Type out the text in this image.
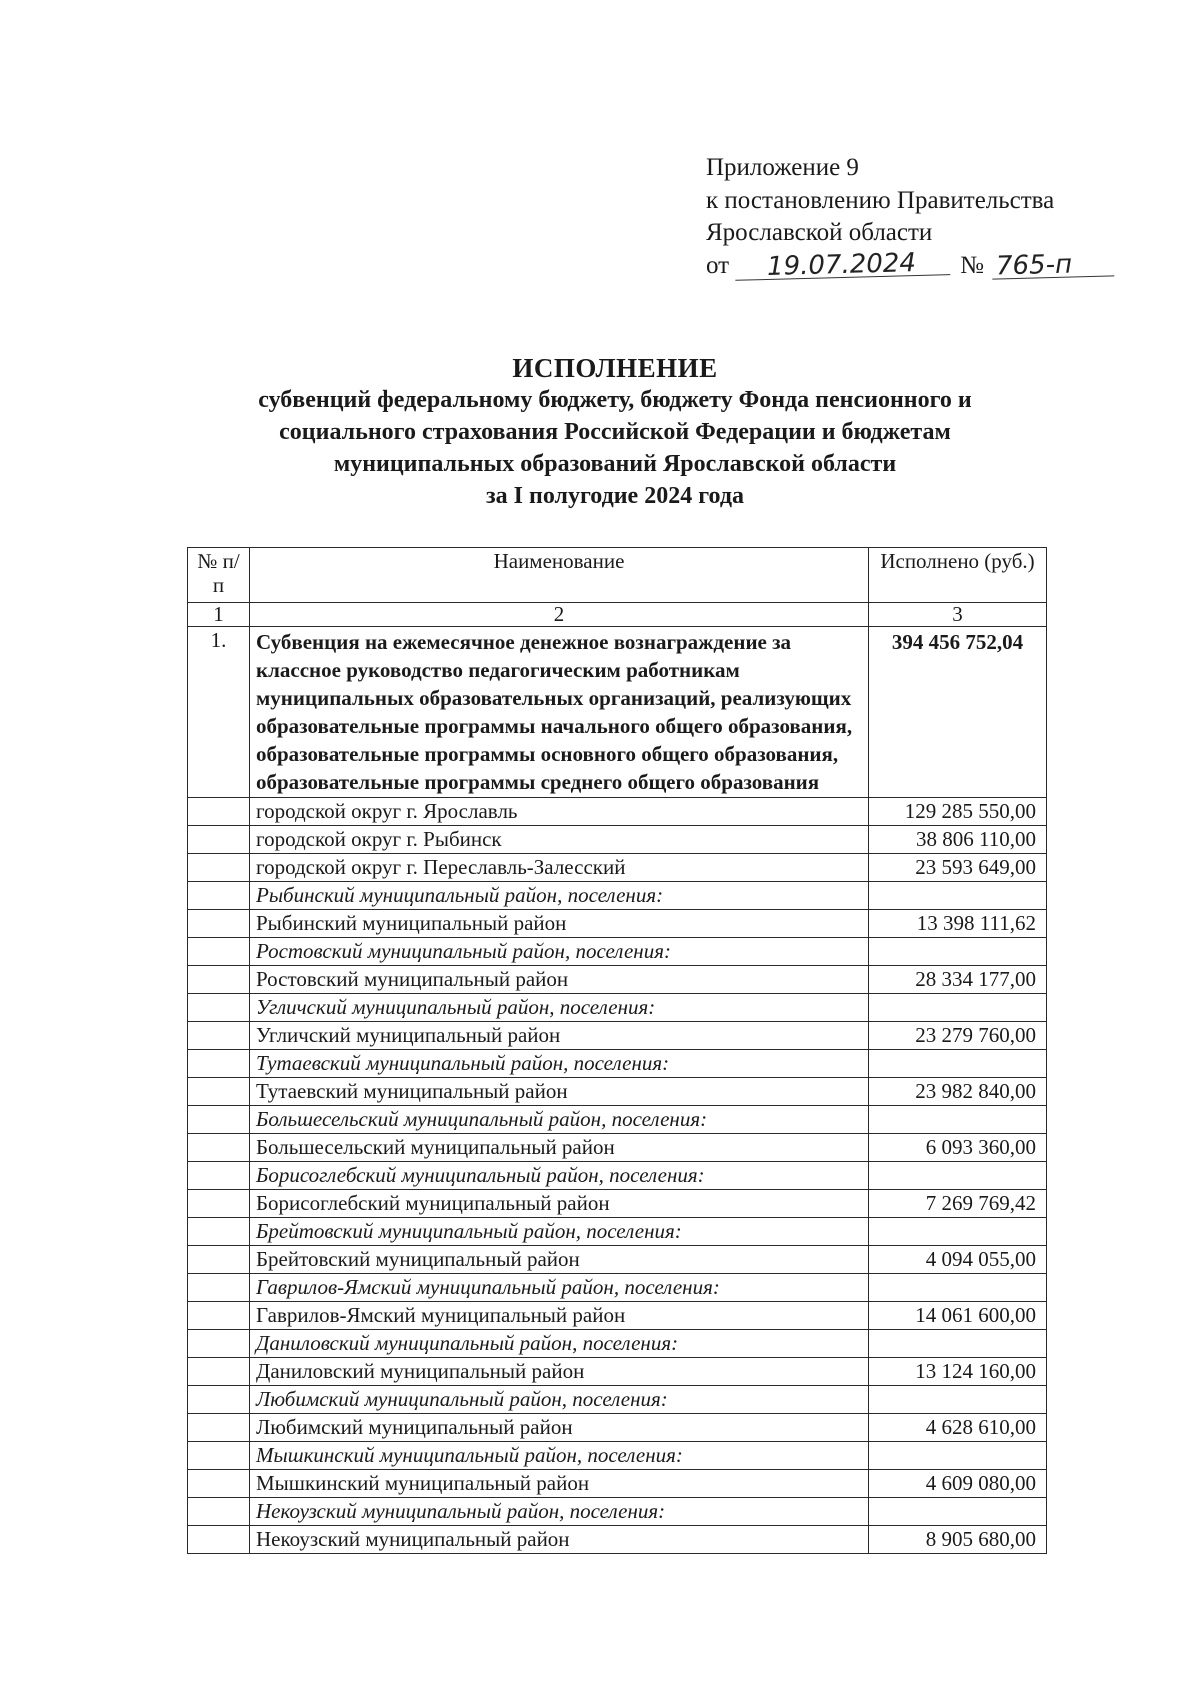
Приложение 9
к постановлению Правительства
Ярославской области
от 19.07.2024 № 765-п
ИСПОЛНЕНИЕ
субвенций федеральному бюджету, бюджету Фонда пенсионного и
социального страхования Российской Федерации и бюджетам
муниципальных образований Ярославской области
за I полугодие 2024 года
№ п/п	Наименование	Исполнено (руб.)
1	2	3
1.	Субвенция на ежемесячное денежное вознаграждение за классное руководство педагогическим работникам муниципальных образовательных организаций, реализующих образовательные программы начального общего образования, образовательные программы основного общего образования, образовательные программы среднего общего образования	394 456 752,04
	городской округ г. Ярославль	129 285 550,00
	городской округ г. Рыбинск	38 806 110,00
	городской округ г. Переславль-Залесский	23 593 649,00
	Рыбинский муниципальный район, поселения:	
	Рыбинский муниципальный район	13 398 111,62
	Ростовский муниципальный район, поселения:	
	Ростовский муниципальный район	28 334 177,00
	Угличский муниципальный район, поселения:	
	Угличский муниципальный район	23 279 760,00
	Тутаевский муниципальный район, поселения:	
	Тутаевский муниципальный район	23 982 840,00
	Большесельский муниципальный район, поселения:	
	Большесельский муниципальный район	6 093 360,00
	Борисоглебский муниципальный район, поселения:	
	Борисоглебский муниципальный район	7 269 769,42
	Брейтовский муниципальный район, поселения:	
	Брейтовский муниципальный район	4 094 055,00
	Гаврилов-Ямский муниципальный район, поселения:	
	Гаврилов-Ямский муниципальный район	14 061 600,00
	Даниловский муниципальный район, поселения:	
	Даниловский муниципальный район	13 124 160,00
	Любимский муниципальный район, поселения:	
	Любимский муниципальный район	4 628 610,00
	Мышкинский муниципальный район, поселения:	
	Мышкинский муниципальный район	4 609 080,00
	Некоузский муниципальный район, поселения:	
	Некоузский муниципальный район	8 905 680,00
